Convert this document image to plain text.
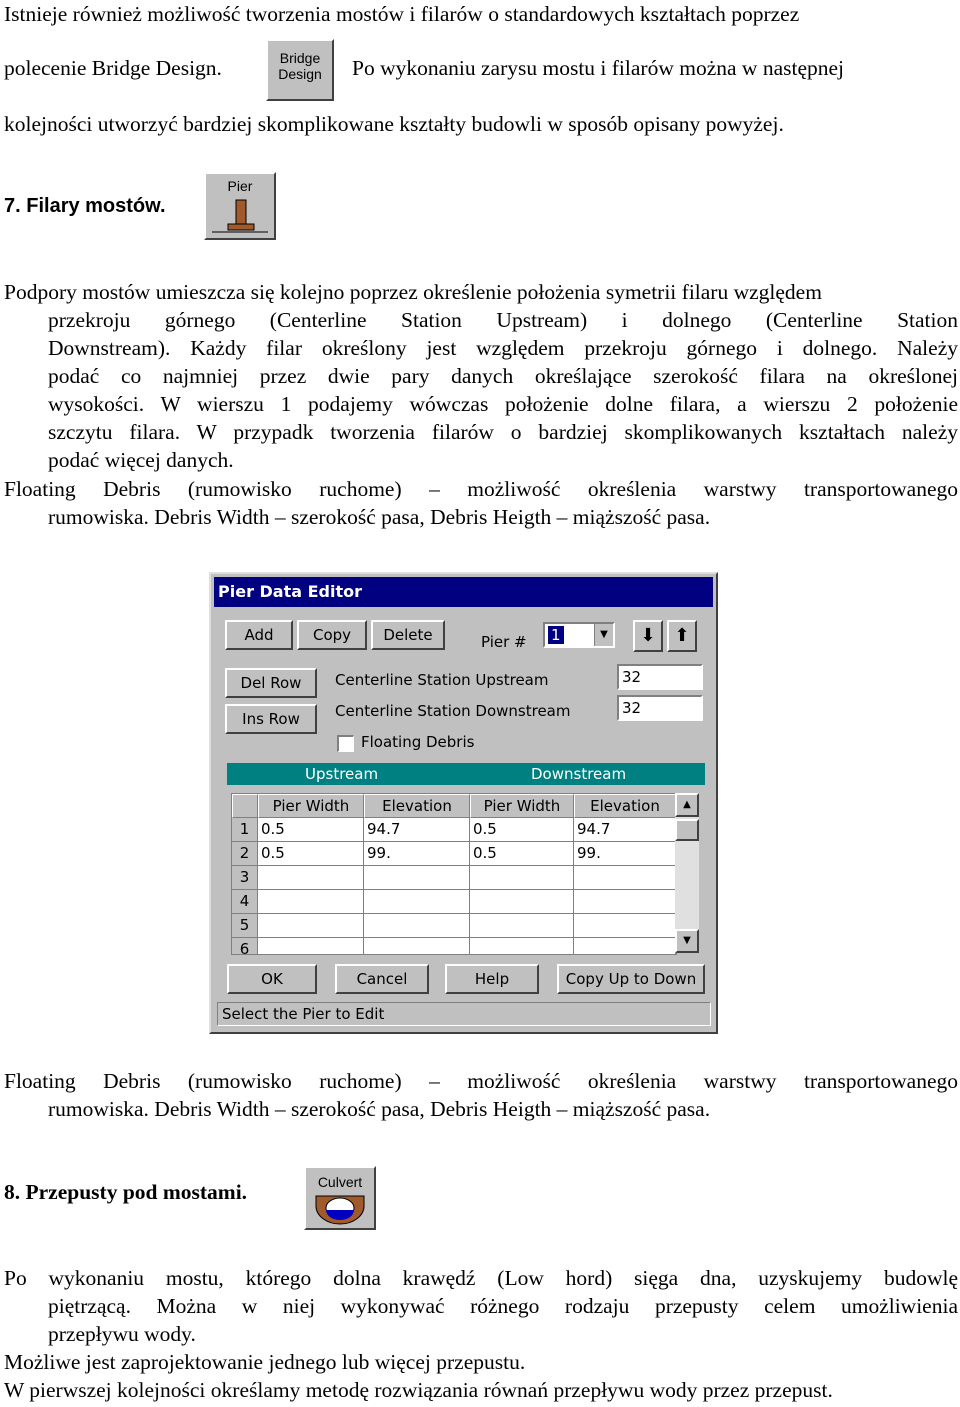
Istnieje również możliwość tworzenia mostów i filarów o standardowych kształtach poprzez
polecenie Bridge Design.	Bridge
Design	Po wykonaniu zarysu mostu i filarów można w następnej
kolejności utworzyć bardziej skomplikowane kształty budowli w sposób opisany powyżej.
7. Filary mostów.
Pier
Podpory mostów umieszcza się kolejno poprzez określenie położenia symetrii filaru względem
przekroju górnego (Centerline Station Upstream) i dolnego (Centerline Station
Downstream). Każdy filar określony jest względem przekroju górnego i dolnego. Należy
podać co najmniej przez dwie pary danych określające szerokość filara na określonej
wysokości. W wierszu 1 podajemy wówczas położenie dolne filara, a wierszu 2 położenie
szczytu filara. W przypadk tworzenia filarów o bardziej skomplikowanych kształtach należy
podać więcej danych.
Floating Debris (rumowisko ruchome) – możliwość określenia warstwy transportowanego
rumowiska. Debris Width – szerokość pasa, Debris Heigth – miąższość pasa.
Pier Data Editor
Add	Copy	Delete	Pier #	1	▼	⬇	⬆
Del Row
Ins Row
Centerline Station Upstream	32
Centerline Station Downstream	32
Floating Debris
Upstream	Downstream
Pier Width	Elevation	Pier Width	Elevation
1 0.5	94.7	0.5	94.7
2 0.5	99.	0.5	99.
3
4
5
6
▲
▼
OK	Cancel	Help	Copy Up to Down
Select the Pier to Edit
Floating Debris (rumowisko ruchome) – możliwość określenia warstwy transportowanego
rumowiska. Debris Width – szerokość pasa, Debris Heigth – miąższość pasa.
8. Przepusty pod mostami.	Culvert
Po wykonaniu mostu, którego dolna krawędź (Low hord) sięga dna, uzyskujemy budowlę
piętrzącą. Można w niej wykonywać różnego rodzaju przepusty celem umożliwienia
przepływu wody.
Możliwe jest zaprojektowanie jednego lub więcej przepustu.
W pierwszej kolejności określamy metodę rozwiązania równań przepływu wody przez przepust.
